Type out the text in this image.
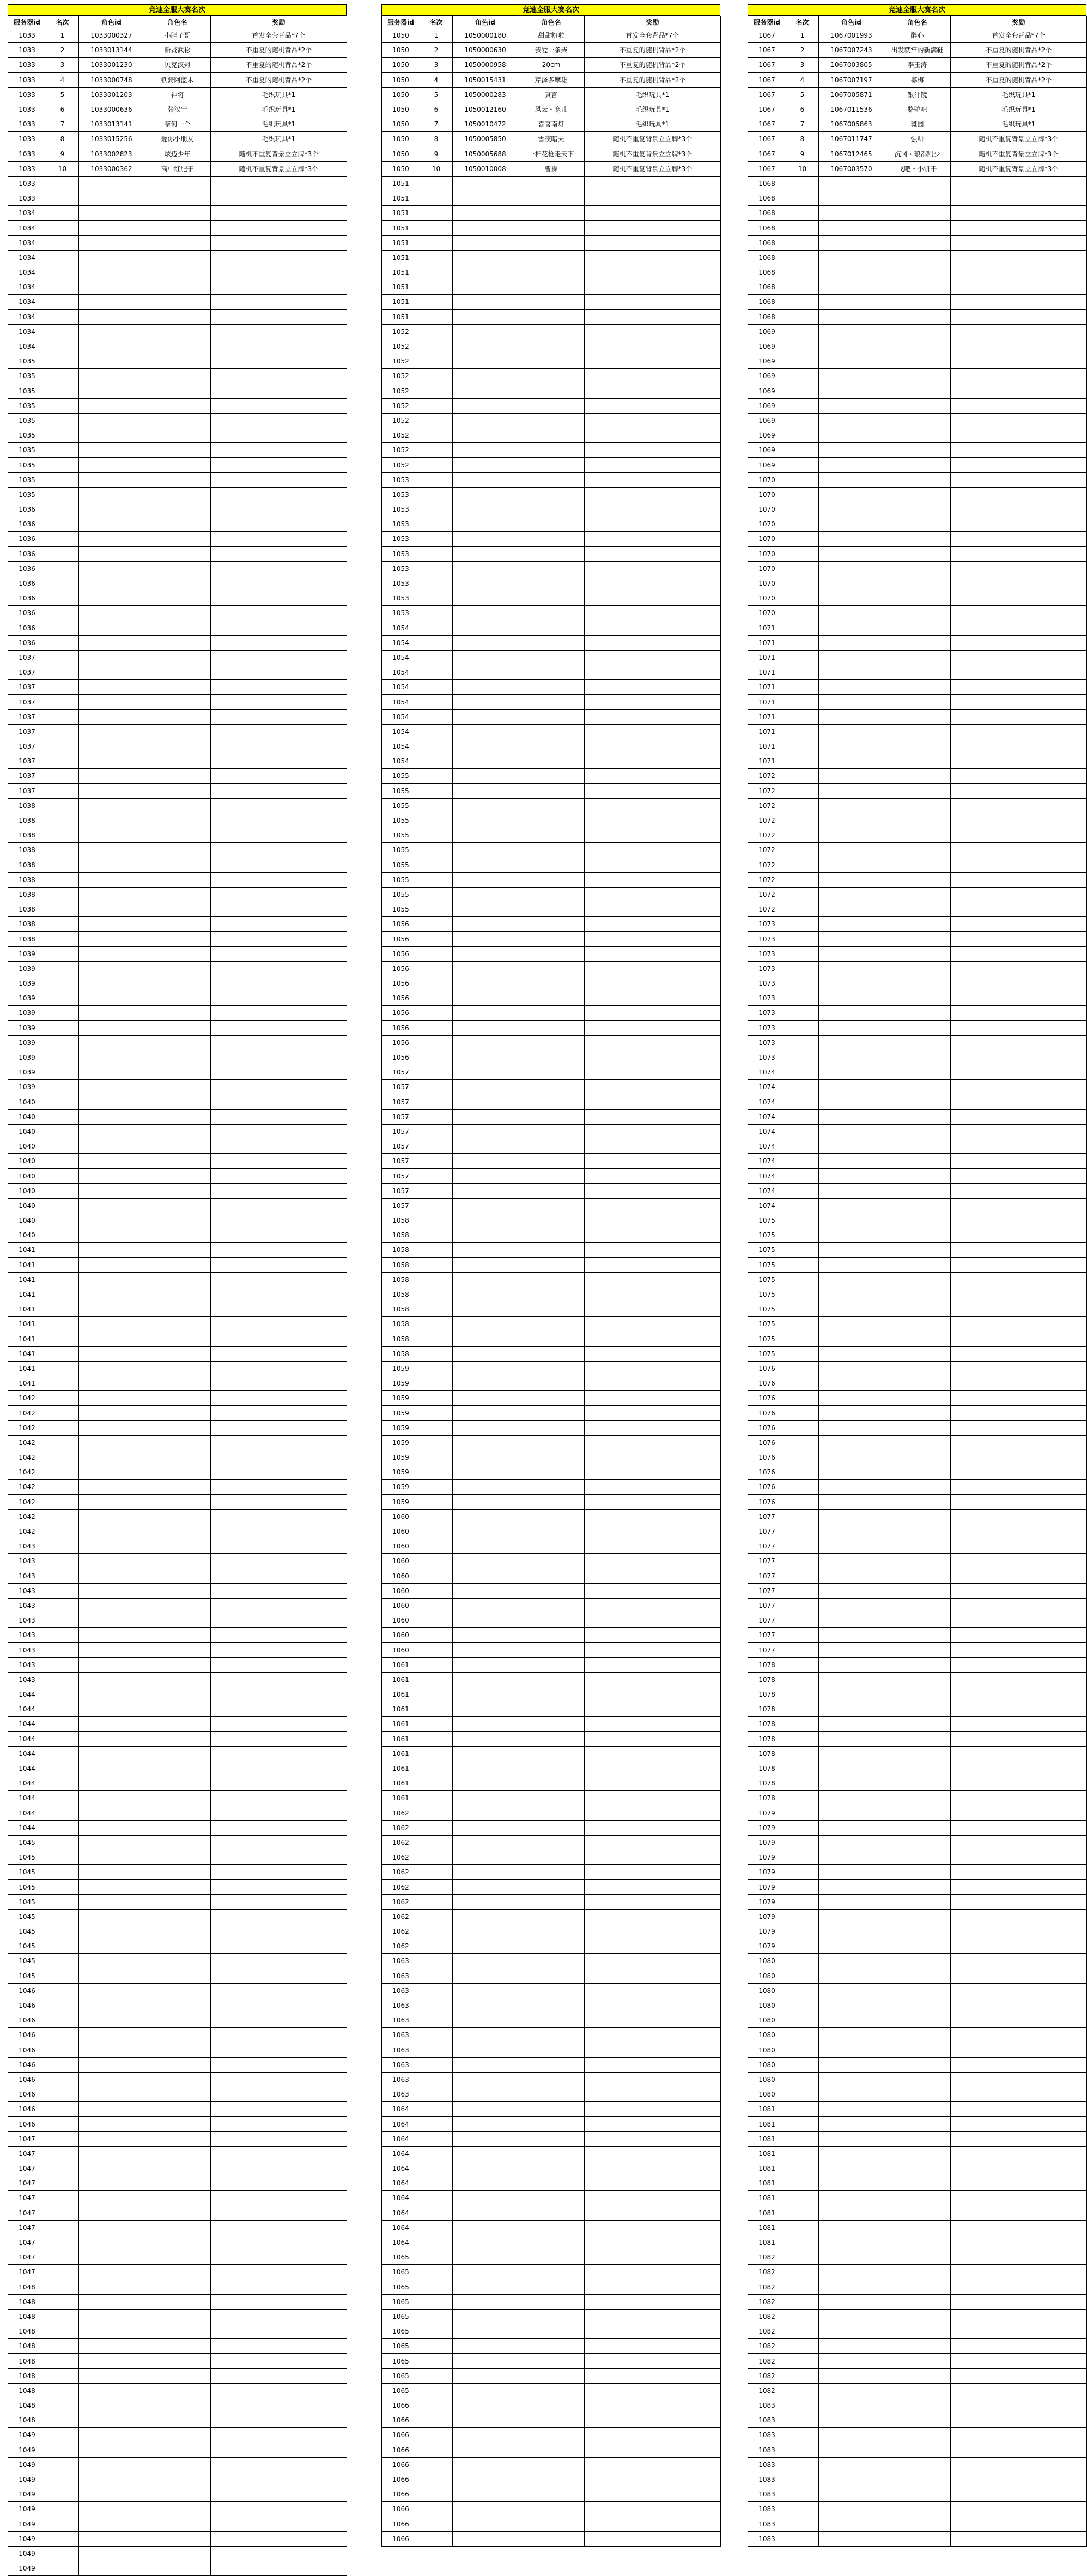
竞速全服大赛名次
服务器id	名次	角色id	角色名	奖励
1033	1	1033000327	小胖子哥	首发全套背品*7个
1033	2	1033013144	新贤武松	不重复的随机背品*2个
1033	3	1033001230	贝克汉姆	不重复的随机背品*2个
1033	4	1033000748	铁骑阿蓝木	不重复的随机背品*2个
1033	5	1033001203	神将	毛织玩具*1
1033	6	1033000636	张汉宁	毛织玩具*1
1033	7	1033013141	奈何一个	毛织玩具*1
1033	8	1033015256	爱你小朋友	毛织玩具*1
1033	9	1033002823	炫迈少年	随机不重复背景立立牌*3个
1033	10	1033000362	高中红肥子	随机不重复背景立立牌*3个
1033				
1033				
1034				
1034				
1034				
1034				
1034				
1034				
1034				
1034				
1034				
1034				
1035				
1035				
1035				
1035				
1035				
1035				
1035				
1035				
1035				
1035				
1036				
1036				
1036				
1036				
1036				
1036				
1036				
1036				
1036				
1036				
1037				
1037				
1037				
1037				
1037				
1037				
1037				
1037				
1037				
1037				
1038				
1038				
1038				
1038				
1038				
1038				
1038				
1038				
1038				
1038				
1039				
1039				
1039				
1039				
1039				
1039				
1039				
1039				
1039				
1039				
1040				
1040				
1040				
1040				
1040				
1040				
1040				
1040				
1040				
1040				
1041				
1041				
1041				
1041				
1041				
1041				
1041				
1041				
1041				
1041				
1042				
1042				
1042				
1042				
1042				
1042				
1042				
1042				
1042				
1042				
1043				
1043				
1043				
1043				
1043				
1043				
1043				
1043				
1043				
1043				
1044				
1044				
1044				
1044				
1044				
1044				
1044				
1044				
1044				
1044				
1045				
1045				
1045				
1045				
1045				
1045				
1045				
1045				
1045				
1045				
1046				
1046				
1046				
1046				
1046				
1046				
1046				
1046				
1046				
1046				
1047				
1047				
1047				
1047				
1047				
1047				
1047				
1047				
1047				
1047				
1048				
1048				
1048				
1048				
1048				
1048				
1048				
1048				
1048				
1048				
1049				
1049				
1049				
1049				
1049				
1049				
1049				
1049				
1049				
1049				
竞速全服大赛名次
服务器id	名次	角色id	角色名	奖励
1050	1	1050000180	甜甜粉啦	首发全套背品*7个
1050	2	1050000630	我爱一条柴	不重复的随机背品*2个
1050	3	1050000958	20cm	不重复的随机背品*2个
1050	4	1050015431	芹泽多摩雄	不重复的随机背品*2个
1050	5	1050000283	真言	毛织玩具*1
1050	6	1050012160	风云・寒儿	毛织玩具*1
1050	7	1050010472	喜喜南灯	毛织玩具*1
1050	8	1050005850	雪夜暗夫	随机不重复背景立立牌*3个
1050	9	1050005688	一杆花枪走天下	随机不重复背景立立牌*3个
1050	10	1050010008	曹操	随机不重复背景立立牌*3个
1051				
1051				
1051				
1051				
1051				
1051				
1051				
1051				
1051				
1051				
1052				
1052				
1052				
1052				
1052				
1052				
1052				
1052				
1052				
1052				
1053				
1053				
1053				
1053				
1053				
1053				
1053				
1053				
1053				
1053				
1054				
1054				
1054				
1054				
1054				
1054				
1054				
1054				
1054				
1054				
1055				
1055				
1055				
1055				
1055				
1055				
1055				
1055				
1055				
1055				
1056				
1056				
1056				
1056				
1056				
1056				
1056				
1056				
1056				
1056				
1057				
1057				
1057				
1057				
1057				
1057				
1057				
1057				
1057				
1057				
1058				
1058				
1058				
1058				
1058				
1058				
1058				
1058				
1058				
1058				
1059				
1059				
1059				
1059				
1059				
1059				
1059				
1059				
1059				
1059				
1060				
1060				
1060				
1060				
1060				
1060				
1060				
1060				
1060				
1060				
1061				
1061				
1061				
1061				
1061				
1061				
1061				
1061				
1061				
1061				
1062				
1062				
1062				
1062				
1062				
1062				
1062				
1062				
1062				
1062				
1063				
1063				
1063				
1063				
1063				
1063				
1063				
1063				
1063				
1063				
1064				
1064				
1064				
1064				
1064				
1064				
1064				
1064				
1064				
1064				
1065				
1065				
1065				
1065				
1065				
1065				
1065				
1065				
1065				
1065				
1066				
1066				
1066				
1066				
1066				
1066				
1066				
1066				
1066				
1066				
竞速全服大赛名次
服务器id	名次	角色id	角色名	奖励
1067	1	1067001993	醉心	首发全套背品*7个
1067	2	1067007243	出发就牢的新满鞋	不重复的随机背品*2个
1067	3	1067003805	李玉涛	不重复的随机背品*2个
1067	4	1067007197	寡梅	不重复的随机背品*2个
1067	5	1067005871	银汁镜	毛织玩具*1
1067	6	1067011536	骆驼吧	毛织玩具*1
1067	7	1067005863	斑园	毛织玩具*1
1067	8	1067011747	强耕	随机不重复背景立立牌*3个
1067	9	1067012465	沉冈・琅都凯少	随机不重复背景立立牌*3个
1067	10	1067003570	飞吧・小饼干	随机不重复背景立立牌*3个
1068				
1068				
1068				
1068				
1068				
1068				
1068				
1068				
1068				
1068				
1069				
1069				
1069				
1069				
1069				
1069				
1069				
1069				
1069				
1069				
1070				
1070				
1070				
1070				
1070				
1070				
1070				
1070				
1070				
1070				
1071				
1071				
1071				
1071				
1071				
1071				
1071				
1071				
1071				
1071				
1072				
1072				
1072				
1072				
1072				
1072				
1072				
1072				
1072				
1072				
1073				
1073				
1073				
1073				
1073				
1073				
1073				
1073				
1073				
1073				
1074				
1074				
1074				
1074				
1074				
1074				
1074				
1074				
1074				
1074				
1075				
1075				
1075				
1075				
1075				
1075				
1075				
1075				
1075				
1075				
1076				
1076				
1076				
1076				
1076				
1076				
1076				
1076				
1076				
1076				
1077				
1077				
1077				
1077				
1077				
1077				
1077				
1077				
1077				
1077				
1078				
1078				
1078				
1078				
1078				
1078				
1078				
1078				
1078				
1078				
1079				
1079				
1079				
1079				
1079				
1079				
1079				
1079				
1079				
1079				
1080				
1080				
1080				
1080				
1080				
1080				
1080				
1080				
1080				
1080				
1081				
1081				
1081				
1081				
1081				
1081				
1081				
1081				
1081				
1081				
1082				
1082				
1082				
1082				
1082				
1082				
1082				
1082				
1082				
1082				
1083				
1083				
1083				
1083				
1083				
1083				
1083				
1083				
1083				
1083				
